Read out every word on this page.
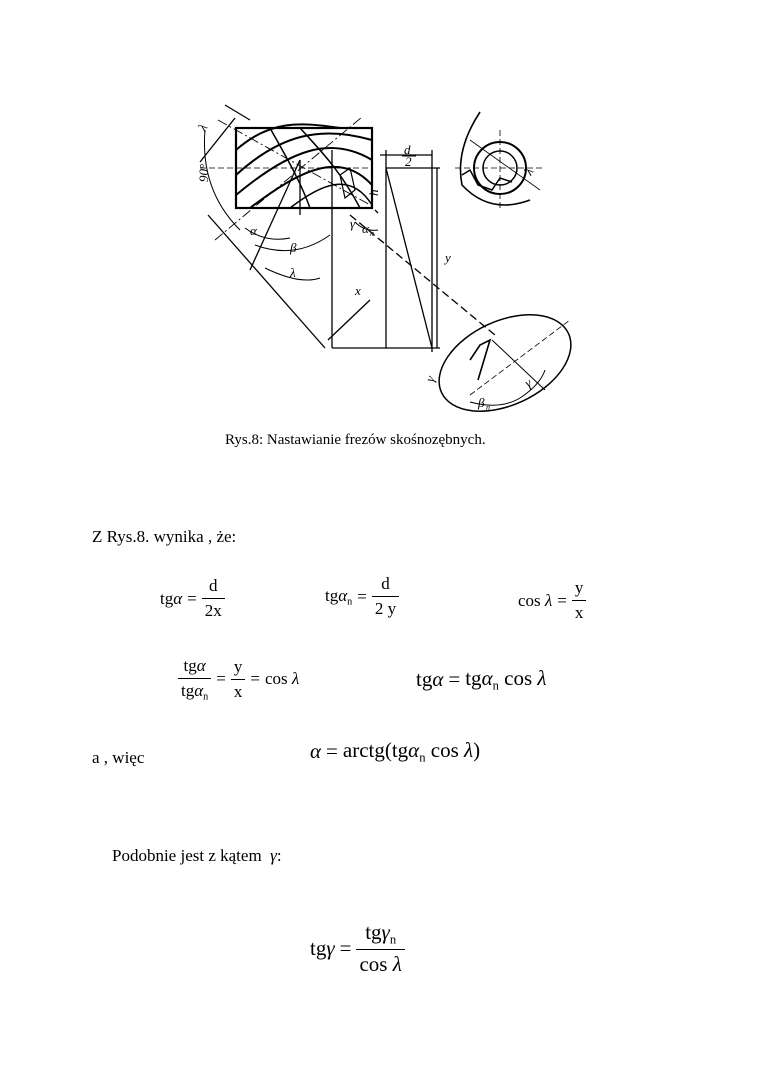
λ
90°
d
2
h
α
β
γ α n
y
x
λ
γ
β n
γ
λ
Rys.8: Nastawianie frezów skośnozębnych.
Z Rys.8. wynika , że:
$tg\alpha = \frac{d}{2x}$	$tg\alpha_n = \frac{d}{2 y}$	$\cos \lambda = \frac{y}{x}$
$\frac{\text{tgα}}{tg\alpha_n} = \frac{y}{x} = \cos \lambda$	tgα = tgα$_n$ cos λ
a , więc	α = arctg(tgα$_n$ cos λ)
Podobnie jest z kątem γ:
$tg\gamma = \frac{tg\gamma_n}{\text{cos λ}}$
